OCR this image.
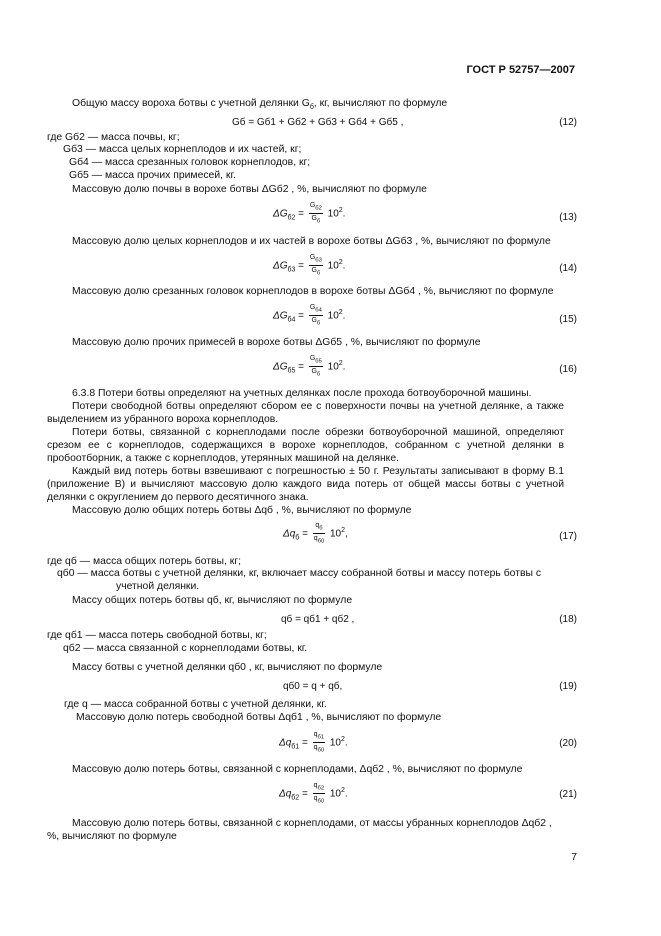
ГОСТ Р 52757—2007
Общую массу вороха ботвы с учетной делянки $G_б$, кг, вычисляют по формуле
Gб = Gб1 + Gб2 + Gб3 + Gб4 + Gб5 ,	(12)
где Gб2 — масса почвы, кг;
Gб3 — масса целых корнеплодов и их частей, кг;
Gб4 — масса срезанных головок корнеплодов, кг;
Gб5 — масса прочих примесей, кг.
Массовую долю почвы в ворохе ботвы ΔGб2 , %, вычисляют по формуле
$\Delta G_{б2} = \frac{G_{б2}}{G_б} 10^2$.	(13)
Массовую долю целых корнеплодов и их частей в ворохе ботвы ΔGб3 , %, вычисляют по формуле
$\Delta G_{б3} = \frac{G_{б3}}{G_б} 10^2$.	(14)
Массовую долю срезанных головок корнеплодов в ворохе ботвы ΔGб4 , %, вычисляют по формуле
$\Delta G_{б4} = \frac{G_{б4}}{G_б} 10^2$.	(15)
Массовую долю прочих примесей в ворохе ботвы ΔGб5 , %, вычисляют по формуле
$\Delta G_{б5} = \frac{G_{б5}}{G_б} 10^2$.	(16)
6.3.8 Потери ботвы определяют на учетных делянках после прохода ботвоуборочной машины.
Потери свободной ботвы определяют сбором ее с поверхности почвы на учетной делянке, а также выделением из убранного вороха корнеплодов.
Потери ботвы, связанной с корнеплодами после обрезки ботвоуборочной машиной, определяют срезом ее с корнеплодов, содержащихся в ворохе корнеплодов, собранном с учетной делянки в пробоотборник, а также с корнеплодов, утерянных машиной на делянке.
Каждый вид потерь ботвы взвешивают с погрешностью ± 50 г. Результаты записывают в форму В.1 (приложение В) и вычисляют массовую долю каждого вида потерь от общей массы ботвы с учетной делянки с округлением до первого десятичного знака.
Массовую долю общих потерь ботвы Δqб , %, вычисляют по формуле
$\Delta q_б = \frac{q_б}{q_{б0}} 10^2$,	(17)
где qб — масса общих потерь ботвы, кг;
qб0 — масса ботвы с учетной делянки, кг, включает массу собранной ботвы и массу потерь ботвы с
учетной делянки.
Массу общих потерь ботвы qб, кг, вычисляют по формуле
qб = qб1 + qб2 ,	(18)
где qб1 — масса потерь свободной ботвы, кг;
qб2 — масса связанной с корнеплодами ботвы, кг.
Массу ботвы с учетной делянки qб0 , кг, вычисляют по формуле
qб0 = q + qб,	(19)
где q — масса собранной ботвы с учетной делянки, кг.
Массовую долю потерь свободной ботвы Δqб1 , %, вычисляют по формуле
$\Delta q_{б1} = \frac{q_{б1}}{q_{б0}} 10^2$.	(20)
Массовую долю потерь ботвы, связанной с корнеплодами, Δqб2 , %, вычисляют по формуле
$\Delta q_{б2} = \frac{q_{б2}}{q_{б0}} 10^2$.	(21)
Массовую долю потерь ботвы, связанной с корнеплодами, от массы убранных корнеплодов Δqб2 ,
%, вычисляют по формуле
7
